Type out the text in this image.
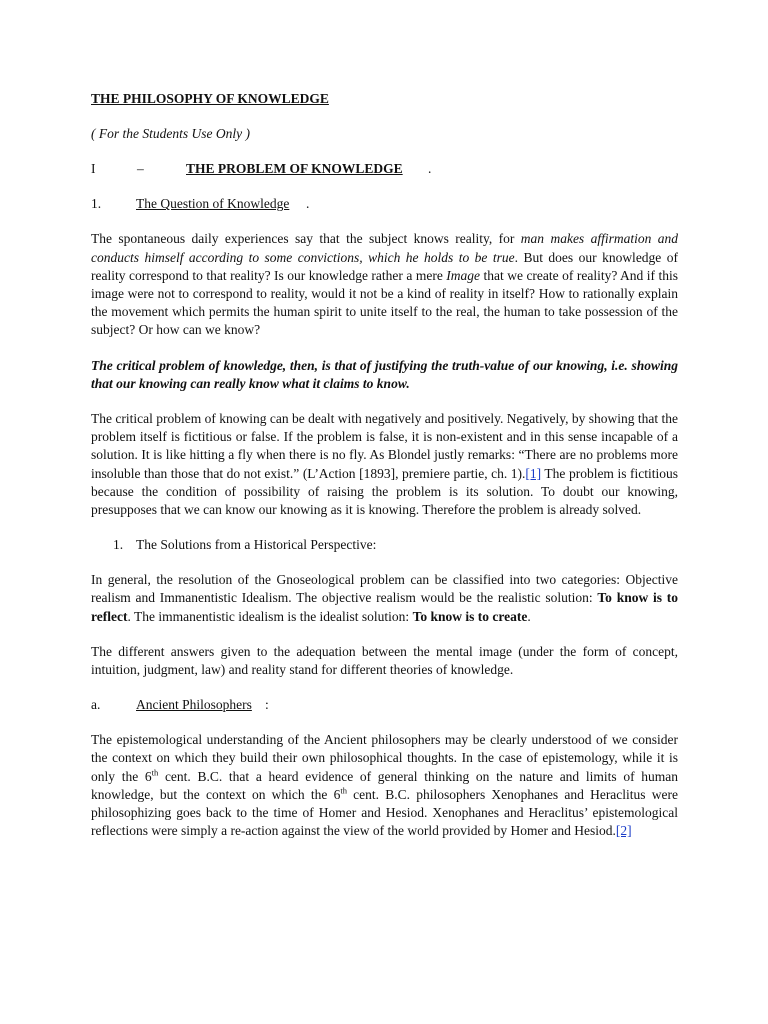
THE PHILOSOPHY OF KNOWLEDGE

( For the Students Use Only )

I	–	THE PROBLEM OF KNOWLEDGE .
1.	The Question of Knowledge .

The spontaneous daily experiences say that the subject knows reality, for man makes affirmation and conducts himself according to some convictions, which he holds to be true. But does our knowledge of reality correspond to that reality? Is our knowledge rather a mere Image that we create of reality? And if this image were not to correspond to reality, would it not be a kind of reality in itself? How to rationally explain the movement which permits the human spirit to unite itself to the real, the human to take possession of the subject? Or how can we know?

The critical problem of knowledge, then, is that of justifying the truth-value of our knowing, i.e. showing that our knowing can really know what it claims to know.

The critical problem of knowing can be dealt with negatively and positively. Negatively, by showing that the problem itself is fictitious or false. If the problem is false, it is non-existent and in this sense incapable of a solution. It is like hitting a fly when there is no fly. As Blondel justly remarks: “There are no problems more insoluble than those that do not exist.” (L’Action [1893], premiere partie, ch. 1).[1] The problem is fictitious because the condition of possibility of raising the problem is its solution. To doubt our knowing, presupposes that we can know our knowing as it is knowing. Therefore the problem is already solved.

1. The Solutions from a Historical Perspective:

In general, the resolution of the Gnoseological problem can be classified into two categories: Objective realism and Immanentistic Idealism. The objective realism would be the realistic solution: To know is to reflect. The immanentistic idealism is the idealist solution: To know is to create.

The different answers given to the adequation between the mental image (under the form of concept, intuition, judgment, law) and reality stand for different theories of knowledge.

a.	Ancient Philosophers :

The epistemological understanding of the Ancient philosophers may be clearly understood of we consider the context on which they build their own philosophical thoughts. In the case of epistemology, while it is only the 6th cent. B.C. that a heard evidence of general thinking on the nature and limits of human knowledge, but the context on which the 6th cent. B.C. philosophers Xenophanes and Heraclitus were philosophizing goes back to the time of Homer and Hesiod. Xenophanes and Heraclitus’ epistemological reflections were simply a re-action against the view of the world provided by Homer and Hesiod.[2]
